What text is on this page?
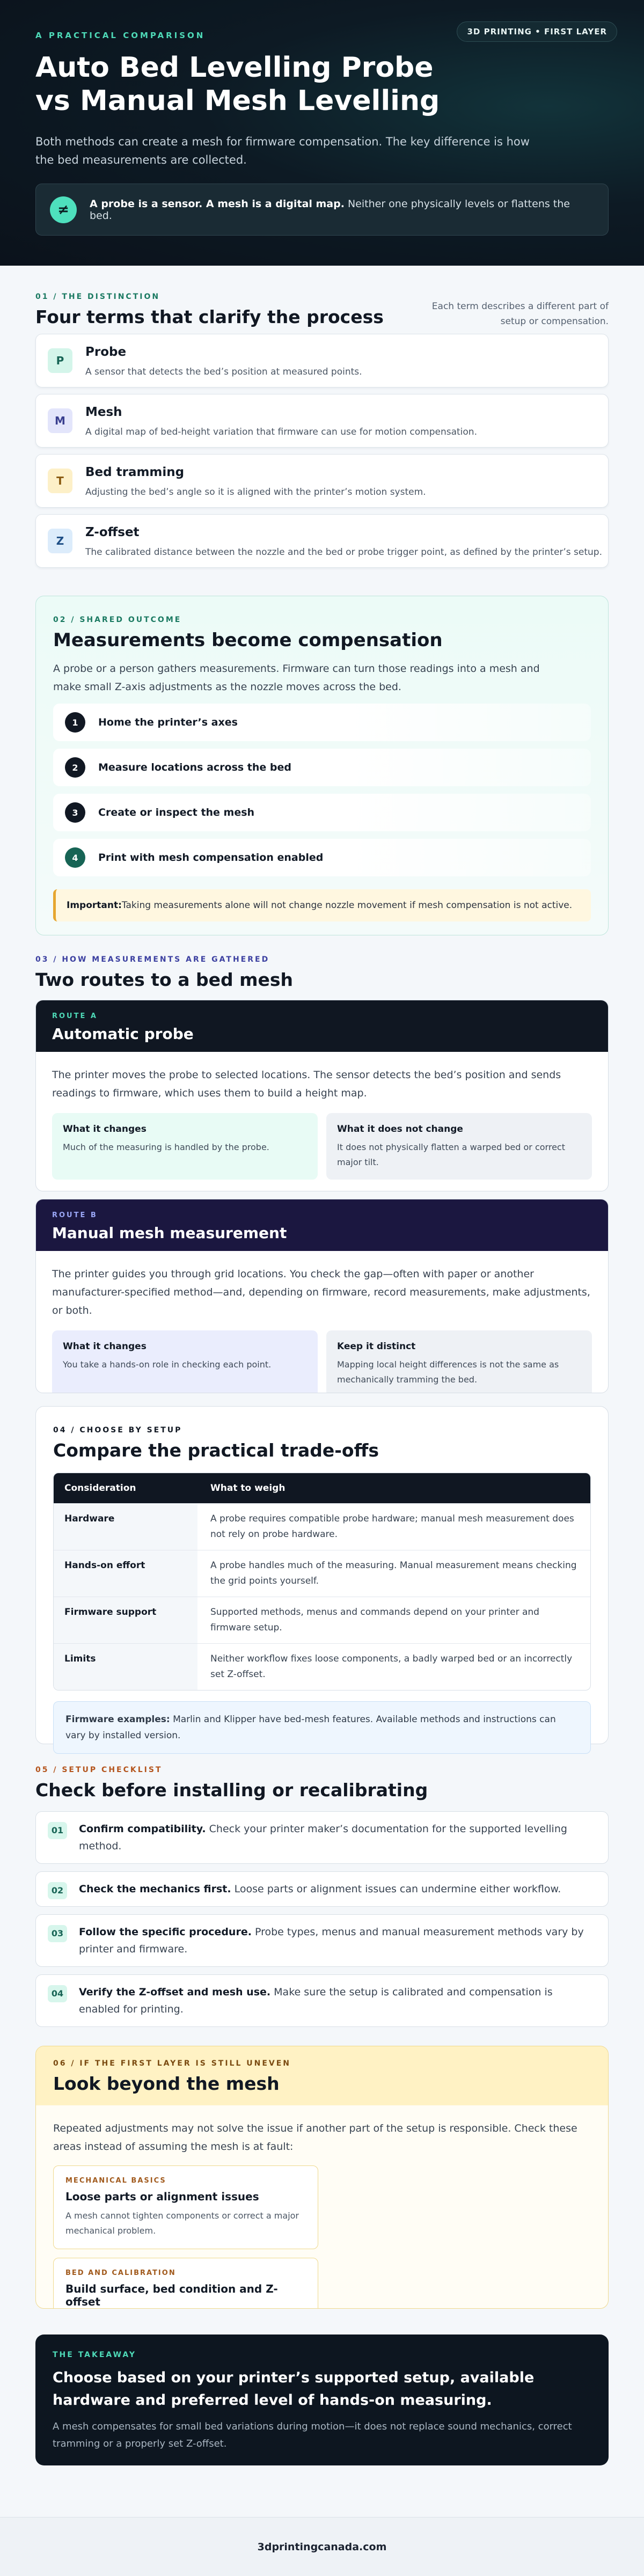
3D PRINTING • FIRST LAYER
A PRACTICAL COMPARISON
Auto Bed Levelling Probe vs Manual Mesh Levelling

Both methods can create a mesh for firmware compensation. The key difference is how the bed measurements are collected.

≠	A probe is a sensor. A mesh is a digital map. Neither one physically levels or flattens the bed.
01 / THE DISTINCTION
Four terms that clarify the process	Each term describes a different part of setup or compensation.
P
Probe
A sensor that detects the bed’s position at measured points.
M
Mesh
A digital map of bed-height variation that firmware can use for motion compensation.
T
Bed tramming
Adjusting the bed’s angle so it is aligned with the printer’s motion system.
Z
Z-offset
The calibrated distance between the nozzle and the bed or probe trigger point, as defined by the printer’s setup.
02 / SHARED OUTCOME
Measurements become compensation

A probe or a person gathers measurements. Firmware can turn those readings into a mesh and make small Z-axis adjustments as the nozzle moves across the bed.

1	Home the printer’s axes
2	Measure locations across the bed
3	Create or inspect the mesh
4	Print with mesh compensation enabled
Important: Taking measurements alone will not change nozzle movement if mesh compensation is not active.
03 / HOW MEASUREMENTS ARE GATHERED
Two routes to a bed mesh
ROUTE A
Automatic probe

The printer moves the probe to selected locations. The sensor detects the bed’s position and sends readings to firmware, which uses them to build a height map.

What it changes
Much of the measuring is handled by the probe.
What it does not change
It does not physically flatten a warped bed or correct major tilt.
ROUTE B
Manual mesh measurement

The printer guides you through grid locations. You check the gap—often with paper or another manufacturer-specified method—and, depending on firmware, record measurements, make adjustments, or both.

What it changes
You take a hands-on role in checking each point.
Keep it distinct
Mapping local height differences is not the same as mechanically tramming the bed.
04 / CHOOSE BY SETUP
Compare the practical trade-offs
Consideration	What to weigh
Hardware	A probe requires compatible probe hardware; manual mesh measurement does not rely on probe hardware.
Hands-on effort	A probe handles much of the measuring. Manual measurement means checking the grid points yourself.
Firmware support	Supported methods, menus and commands depend on your printer and firmware setup.
Limits	Neither workflow fixes loose components, a badly warped bed or an incorrectly set Z-offset.
Firmware examples: Marlin and Klipper have bed-mesh features. Available methods and instructions can vary by installed version.
05 / SETUP CHECKLIST
Check before installing or recalibrating
01	Confirm compatibility. Check your printer maker’s documentation for the supported levelling method.
02	Check the mechanics first. Loose parts or alignment issues can undermine either workflow.
03	Follow the specific procedure. Probe types, menus and manual measurement methods vary by printer and firmware.
04	Verify the Z-offset and mesh use. Make sure the setup is calibrated and compensation is enabled for printing.
06 / IF THE FIRST LAYER IS STILL UNEVEN
Look beyond the mesh

Repeated adjustments may not solve the issue if another part of the setup is responsible. Check these areas instead of assuming the mesh is at fault:

MECHANICAL BASICS
Loose parts or alignment issues
A mesh cannot tighten components or correct a major mechanical problem.
BED AND CALIBRATION
Build surface, bed condition and Z-offset
THE TAKEAWAY
Choose based on your printer’s supported setup, available hardware and preferred level of hands-on measuring.
A mesh compensates for small bed variations during motion—it does not replace sound mechanics, correct tramming or a properly set Z-offset.
3dprintingcanada.com
